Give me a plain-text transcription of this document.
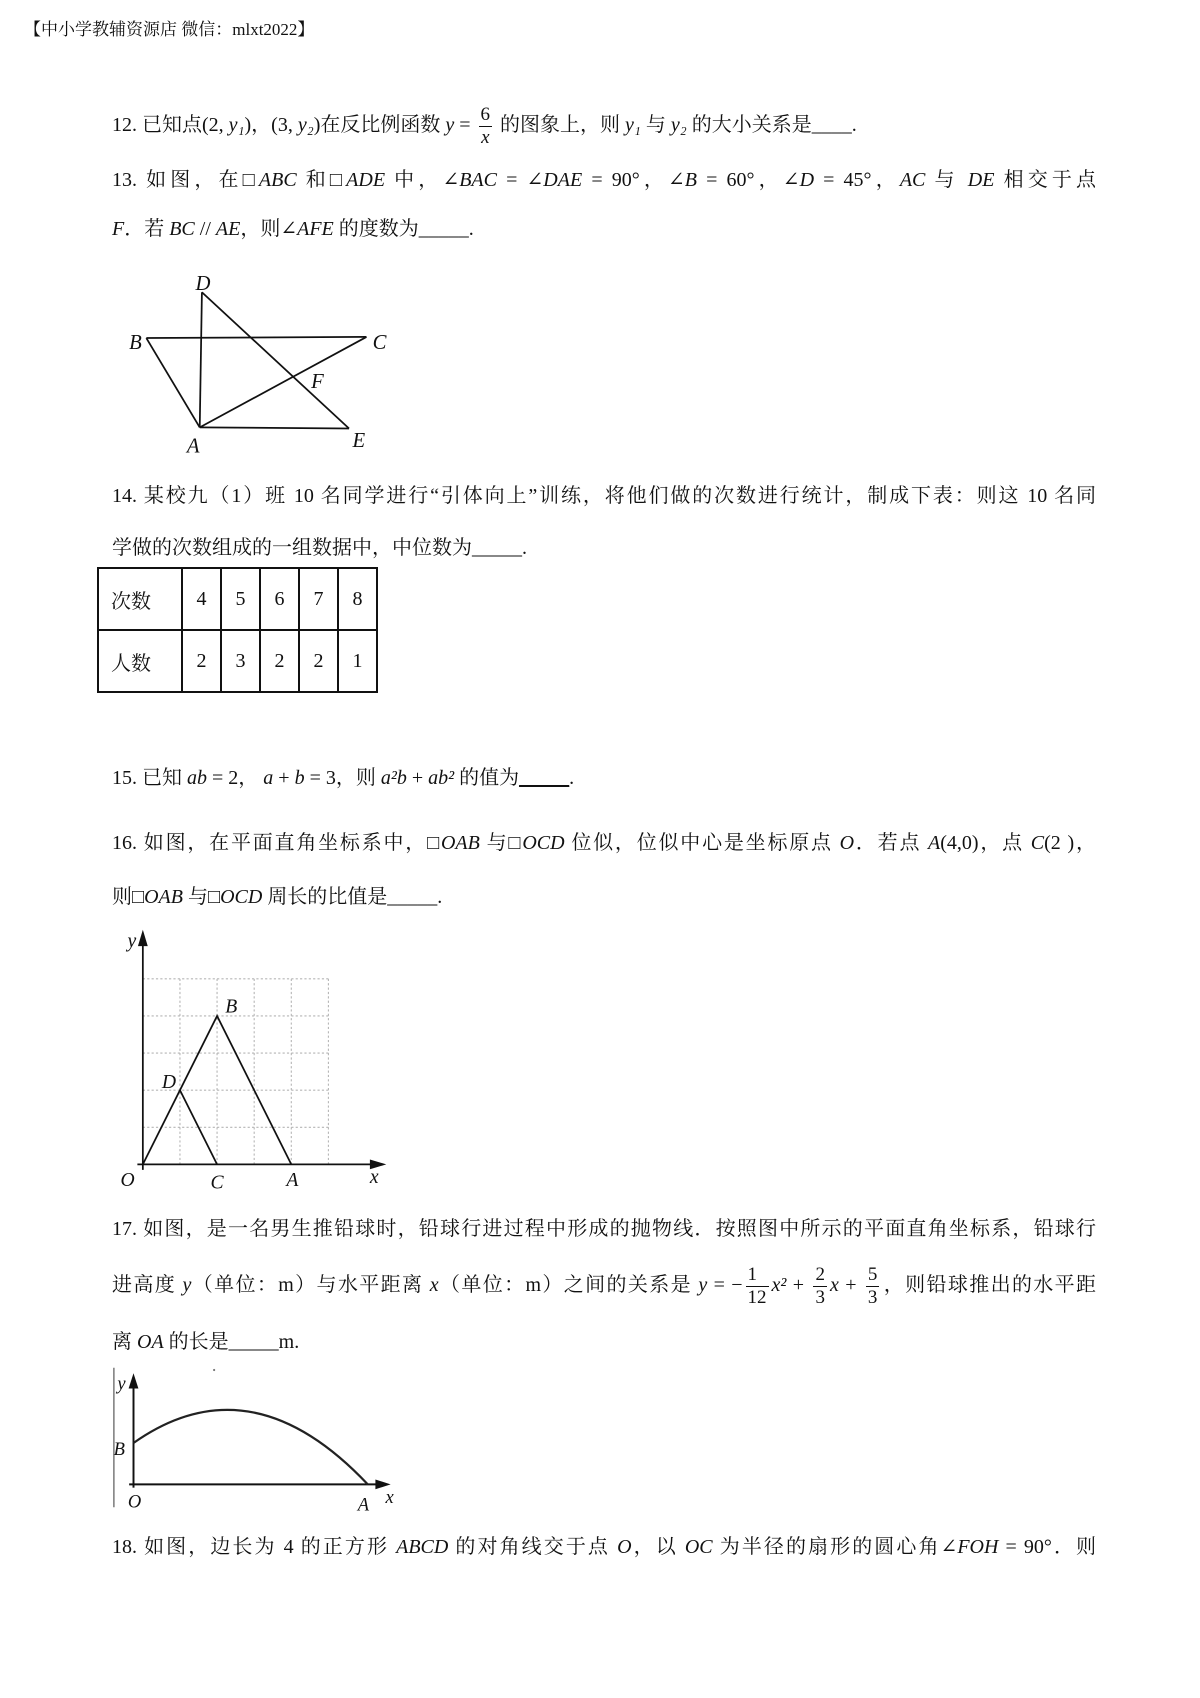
【中小学教辅资源店 微信：mlxt2022】
12. 已知点(2, y₁)，(3, y₂)在反比例函数 $y = \frac{6}{x}$ 的图象上，则 y₁ 与 y₂ 的大小关系是____.
13. 如图，在□ABC 和□ADE 中，∠BAC = ∠DAE = 90°，∠B = 60°，∠D = 45°，AC 与 DE 相交于点
F．若 BC // AE，则∠AFE 的度数为_____.
D
B	C
F
A	E
14. 某校九（1）班 10 名同学进行“引体向上”训练，将他们做的次数进行统计，制成下表：则这 10 名同
学做的次数组成的一组数据中，中位数为_____.
次数	4	5	6	7	8
人数	2	3	2	2	1
15. 已知 ab = 2， a + b = 3，则 a²b + ab² 的值为_____.
16. 如图，在平面直角坐标系中，□OAB 与□OCD 位似，位似中心是坐标原点 O．若点 A(4,0)，点 C(2 )，
则□OAB 与□OCD 周长的比值是_____.
y
B
D
O	C	A	x
17. 如图，是一名男生推铅球时，铅球行进过程中形成的抛物线．按照图中所示的平面直角坐标系，铅球行
进高度 y（单位：m）与水平距离 x（单位：m）之间的关系是 y = − $\frac{1}{12} x^2 + \frac{2}{3}$ $x + \frac{5}{3}$ ，则铅球推出的水平距
离 OA 的长是_____m.
y
B
O	A x
18. 如图，边长为 4 的正方形 ABCD 的对角线交于点 O，以 OC 为半径的扇形的圆心角∠FOH = 90°．则
